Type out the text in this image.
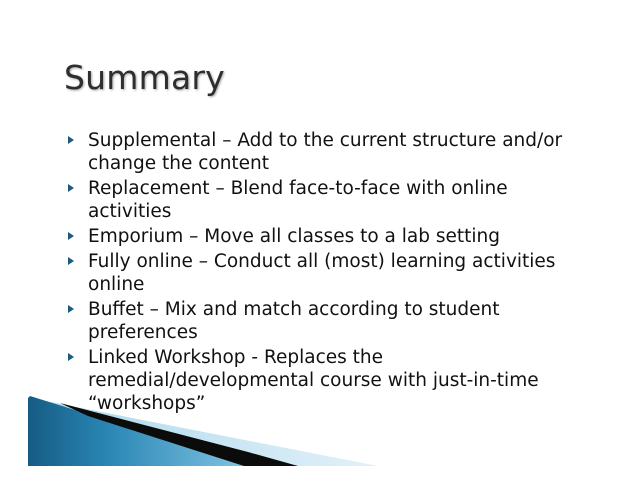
Summary
Supplemental – Add to the current structure and/or change the content
Replacement – Blend face-to-face with online activities
Emporium – Move all classes to a lab setting
Fully online – Conduct all (most) learning activities online
Buffet – Mix and match according to student preferences
Linked Workshop - Replaces the remedial/developmental course with just-in-time “workshops”
